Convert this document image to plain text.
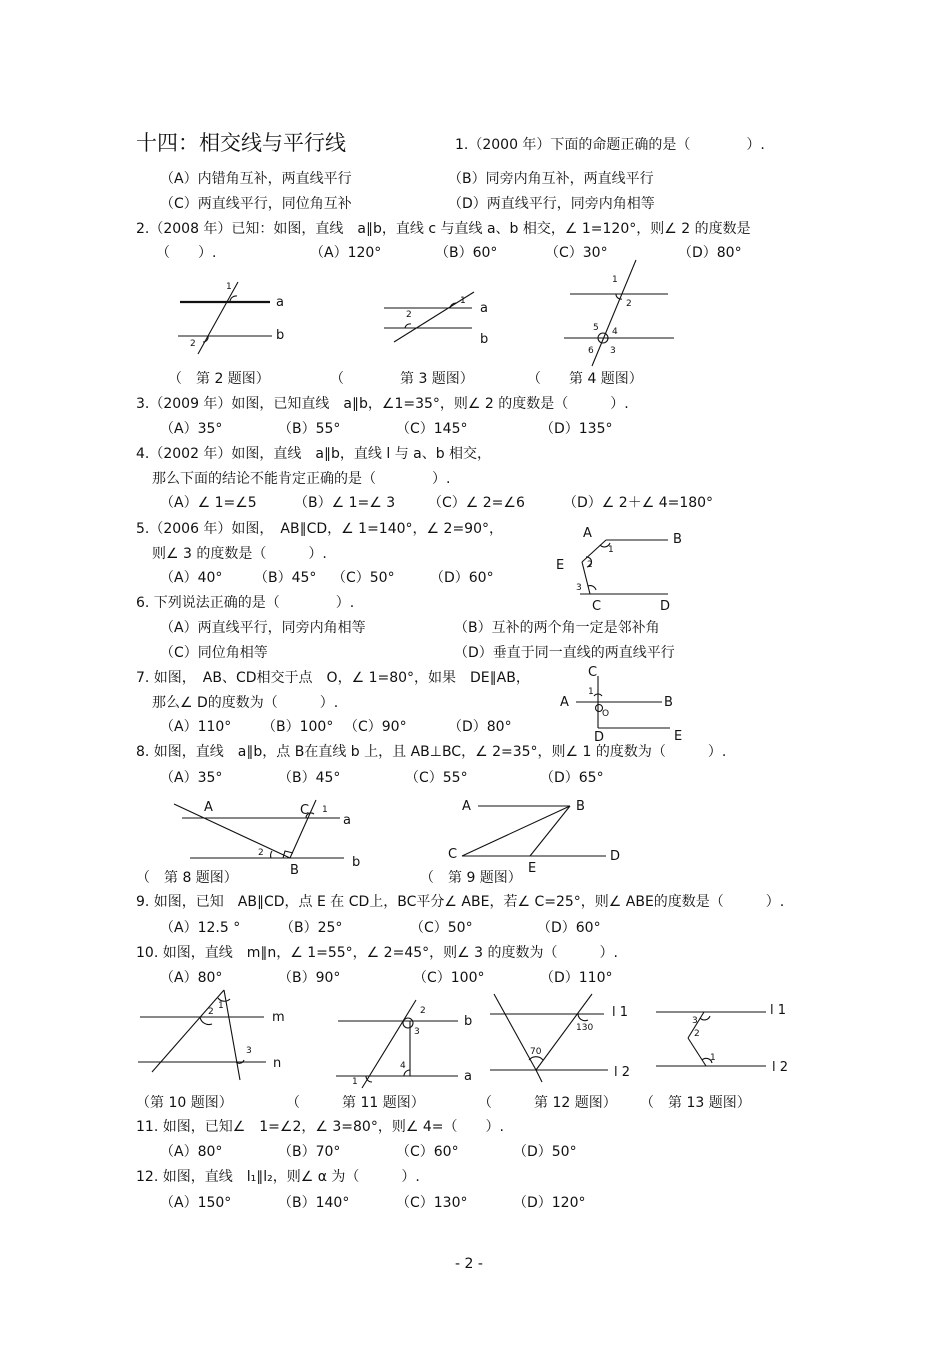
十四：相交线与平行线	1.（2000 年）下面的命题正确的是（　　　　）.
（A）内错角互补，两直线平行	（B）同旁内角互补，两直线平行
（C）两直线平行，同位角互补	（D）两直线平行，同旁内角相等
2.（2008 年）已知：如图，直线　a∥b，直线 c 与直线 a、b 相交，∠ 1=120°，则∠ 2 的度数是
（　　）.	（A）120°	（B）60°	（C）30°	（D）80°
1
2
a
b
1
2	a
b
1
2
5 4
6 3
（　第 2 题图）	（　　　　第 3 题图）	（　　第 4 题图）
3.（2009 年）如图，已知直线　a∥b，∠1=35°，则∠ 2 的度数是（　　　）.
（A）35°	（B）55°	（C）145°	（D）135°
4.（2002 年）如图，直线　a∥b，直线 l 与 a、b 相交，
那么下面的结论不能肯定正确的是（　　　　）.
（A）∠ 1=∠5	（B）∠ 1=∠ 3 （C）∠ 2=∠6	（D）∠ 2＋∠ 4=180°
5.（2006 年）如图，　AB∥CD，∠ 1=140°，∠ 2=90°，
则∠ 3 的度数是（　　　）.
（A）40° （B）45° （C）50°	（D）60°
A	B
E
C	D
1
2
3
6. 下列说法正确的是（　　　　）.
（A）两直线平行，同旁内角相等	（B）互补的两个角一定是邻补角
（C）同位角相等	（D）垂直于同一直线的两直线平行
7. 如图，　AB、CD相交于点　O，∠ 1=80°，如果　DE∥AB，
那么∠ D的度数为（　　　）.
（A）110° （B）100° （C）90°	（D）80°
C
A	B
D	E
1
O
8. 如图，直线　a∥b，点 B在直线 b 上，且 AB⊥BC，∠ 2=35°，则∠ 1 的度数为（　　　）.
（A）35°	（B）45°	（C）55°	（D）65°
A	C
B
a
b
1
2
A	B
C	D
E
（　第 8 题图）	（　第 9 题图）
9. 如图，已知　AB∥CD，点 E 在 CD上，BC平分∠ ABE，若∠ C=25°，则∠ ABE的度数是（　　　）.
（A）12.5 °	（B）25°	（C）50°	（D）60°
10. 如图，直线　m∥n，∠ 1=55°，∠ 2=45°，则∠ 3 的度数为（　　　）.
（A）80°	（B）90°	（C）100°	（D）110°
1
2
3
m
n
2
3
4
1
b
a
130
70
l 1
l 2
3
2
1
l 1
l 2
（第 10 题图）	（　　　第 11 题图）	（　　　第 12 题图） （　第 13 题图）
11. 如图，已知∠　1=∠2，∠ 3=80°，则∠ 4=（　　）.
（A）80°	（B）70°	（C）60°	（D）50°
12. 如图，直线　l₁∥l₂，则∠ α 为（　　　）.
（A）150°	（B）140°	（C）130°	（D）120°
- 2 -
